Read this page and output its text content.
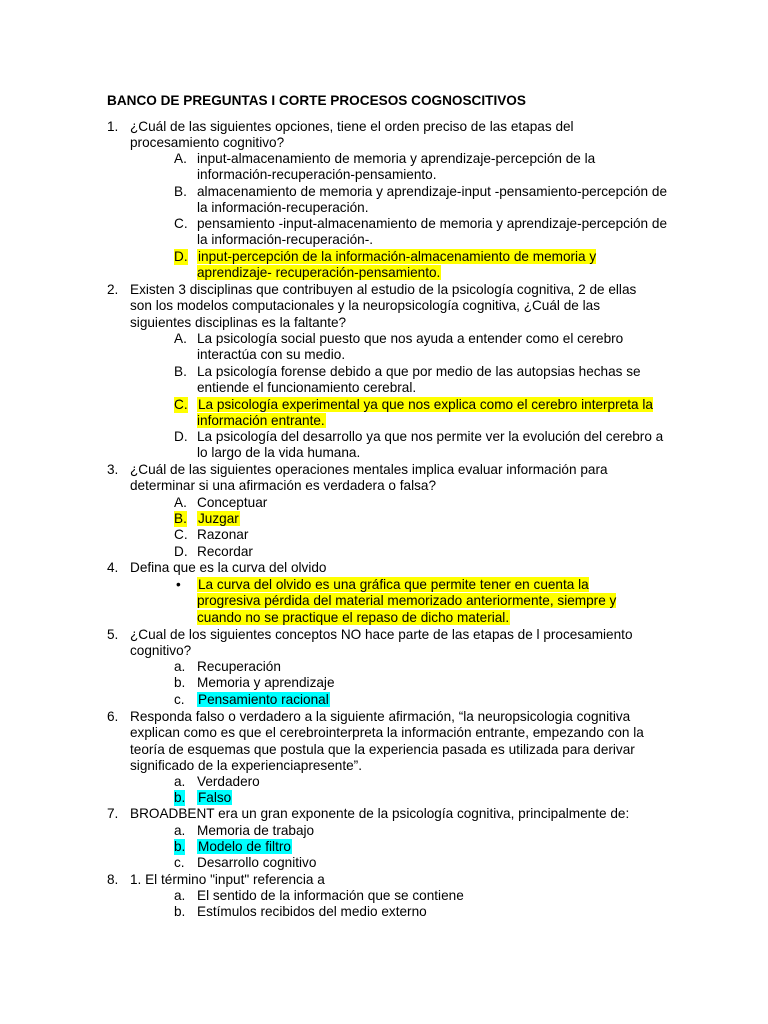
BANCO DE PREGUNTAS I CORTE PROCESOS COGNOSCITIVOS
1. ¿Cuál de las siguientes opciones, tiene el orden preciso de las etapas del procesamiento cognitivo?
A. input-almacenamiento de memoria y aprendizaje-percepción de la información-recuperación-pensamiento.
B. almacenamiento de memoria y aprendizaje-input -pensamiento-percepción de la información-recuperación.
C. pensamiento -input-almacenamiento de memoria y aprendizaje-percepción de la información-recuperación-.
D. input-percepción de la información-almacenamiento de memoria y aprendizaje- recuperación-pensamiento.
2. Existen 3 disciplinas que contribuyen al estudio de la psicología cognitiva, 2 de ellas son los modelos computacionales y la neuropsicología cognitiva, ¿Cuál de las siguientes disciplinas es la faltante?
A. La psicología social puesto que nos ayuda a entender como el cerebro interactúa con su medio.
B. La psicología forense debido a que por medio de las autopsias hechas se entiende el funcionamiento cerebral.
C. La psicología experimental ya que nos explica como el cerebro interpreta la información entrante.
D. La psicología del desarrollo ya que nos permite ver la evolución del cerebro a lo largo de la vida humana.
3. ¿Cuál de las siguientes operaciones mentales implica evaluar información para determinar si una afirmación es verdadera o falsa?
A. Conceptuar
B. Juzgar
C. Razonar
D. Recordar
4. Defina que es la curva del olvido
• La curva del olvido es una gráfica que permite tener en cuenta la progresiva pérdida del material memorizado anteriormente, siempre y cuando no se practique el repaso de dicho material.
5. ¿Cual de los siguientes conceptos NO hace parte de las etapas de l procesamiento cognitivo?
a. Recuperación
b. Memoria y aprendizaje
c. Pensamiento racional
6. Responda falso o verdadero a la siguiente afirmación, “la neuropsicologia cognitiva explican como es que el cerebrointerpreta la información entrante, empezando con la teoría de esquemas que postula que la experiencia pasada es utilizada para derivar significado de la experienciapresente”.
a. Verdadero
b. Falso
7. BROADBENT era un gran exponente de la psicología cognitiva, principalmente de:
a. Memoria de trabajo
b. Modelo de filtro
c. Desarrollo cognitivo
8. 1. El término "input" referencia a
a. El sentido de la información que se contiene
b. Estímulos recibidos del medio externo
